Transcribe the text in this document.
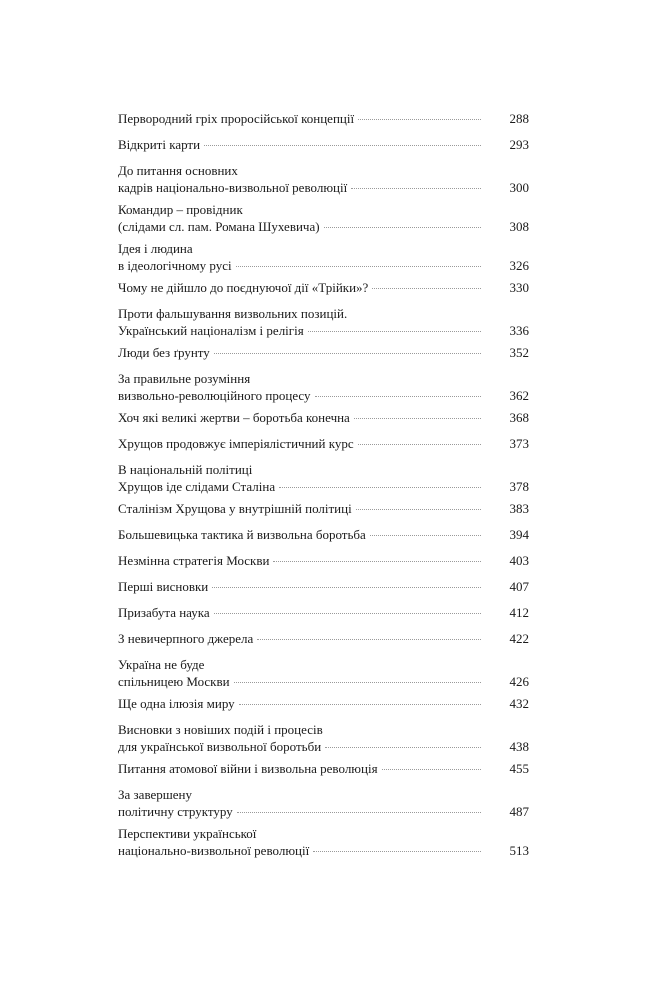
Первородний гріх проросійської концепції	288
Відкриті карти	293
До питання основних
кадрів національно-визвольної революції	300
Командир – провідник
(слідами сл. пам. Романа Шухевича)	308
Ідея і людина
в ідеологічному русі	326
Чому не дійшло до поєднуючої дії «Трійки»?	330
Проти фальшування визвольних позицій.
Український націоналізм і релігія	336
Люди без ґрунту	352
За правильне розуміння
визвольно-революційного процесу	362
Хоч які великі жертви – боротьба конечна	368
Хрущов продовжує імперіялістичний курс	373
В національній політиці
Хрущов іде слідами Сталіна	378
Сталінізм Хрущова у внутрішній політиці	383
Большевицька тактика й визвольна боротьба	394
Незмінна стратегія Москви	403
Перші висновки	407
Призабута наука	412
З невичерпного джерела	422
Україна не буде
спільницею Москви	426
Ще одна ілюзія миру	432
Висновки з новіших подій і процесів
для української визвольної боротьби	438
Питання атомової війни і визвольна революція	455
За завершену
політичну структуру	487
Перспективи української
національно-визвольної революції	513
